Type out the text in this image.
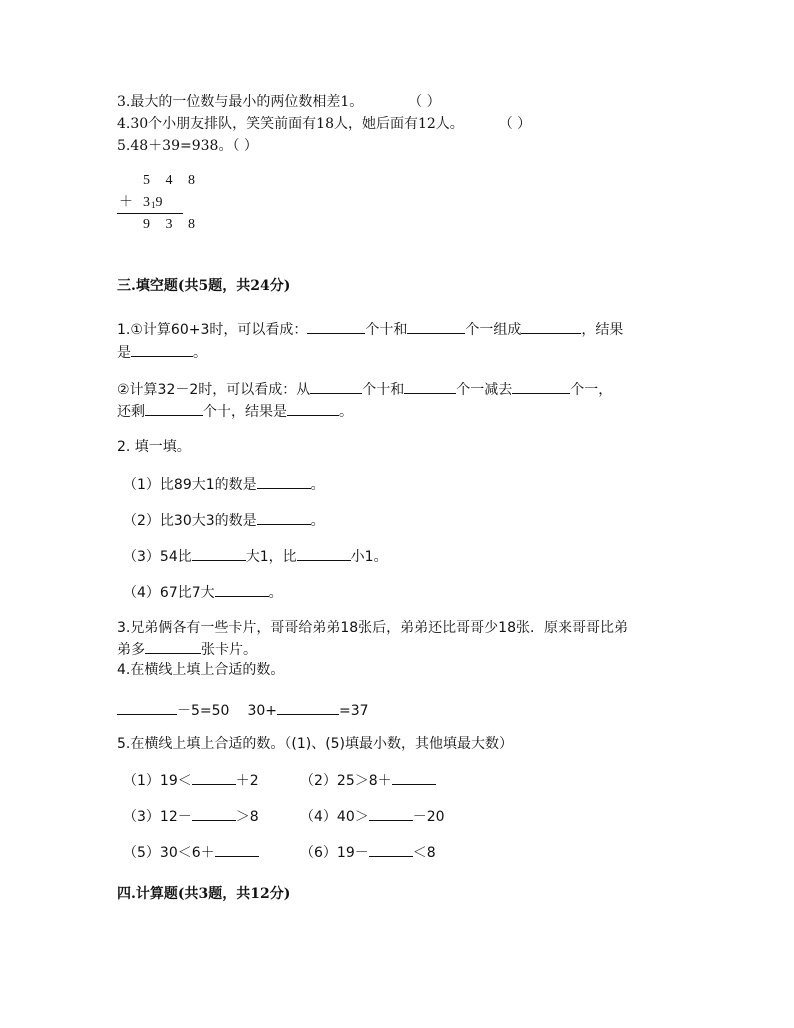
3.最大的一位数与最小的两位数相差1。	（ ）
4.30个小朋友排队，笑笑前面有18人，她后面有12人。 （ ）
5.48＋39=938。（ ）
5 4 8
＋ $3_19$
9 3 8
三.填空题(共5题，共24分)
1.①计算60+3时，可以看成：	个十和	个一组成	，结果
是	。
②计算32－2时，可以看成：从	个十和	个一减去	个一，
还剩	个十，结果是	。
2. 填一填。
（1）比89大1的数是	。
（2）比30大3的数是	。
（3）54比	大1，比	小1。
（4）67比7大	。
3.兄弟俩各有一些卡片，哥哥给弟弟18张后，弟弟还比哥哥少18张．原来哥哥比弟
弟多	张卡片。
4.在横线上填上合适的数。
－5=50 30+	=37
5.在横线上填上合适的数。（(1)、(5)填最小数，其他填最大数）
（1）19＜	＋2	（2）25＞8＋
（3）12－	＞8	（4）40＞	－20
（5）30＜6＋	（6）19－	＜8
四.计算题(共3题，共12分)
